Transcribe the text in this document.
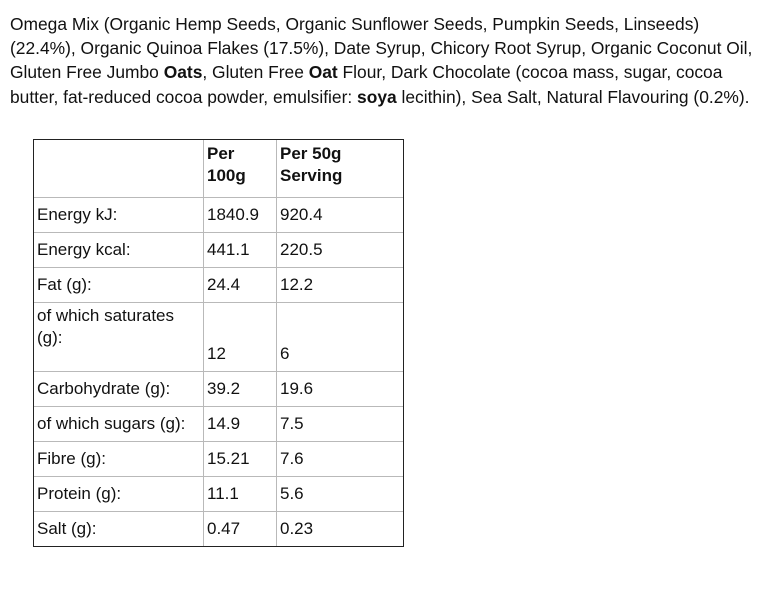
Omega Mix (Organic Hemp Seeds, Organic Sunflower Seeds, Pumpkin Seeds, Linseeds) (22.4%), Organic Quinoa Flakes (17.5%), Date Syrup, Chicory Root Syrup, Organic Coconut Oil, Gluten Free Jumbo Oats, Gluten Free Oat Flour, Dark Chocolate (cocoa mass, sugar, cocoa butter, fat-reduced cocoa powder, emulsifier: soya lecithin), Sea Salt, Natural Flavouring (0.2%).
	Per 100g	Per 50g Serving
Energy kJ:	1840.9	920.4
Energy kcal:	441.1	220.5
Fat (g):	24.4	12.2
of which saturates (g):	12	6
Carbohydrate (g):	39.2	19.6
of which sugars (g):	14.9	7.5
Fibre (g):	15.21	7.6
Protein (g):	11.1	5.6
Salt (g):	0.47	0.23
